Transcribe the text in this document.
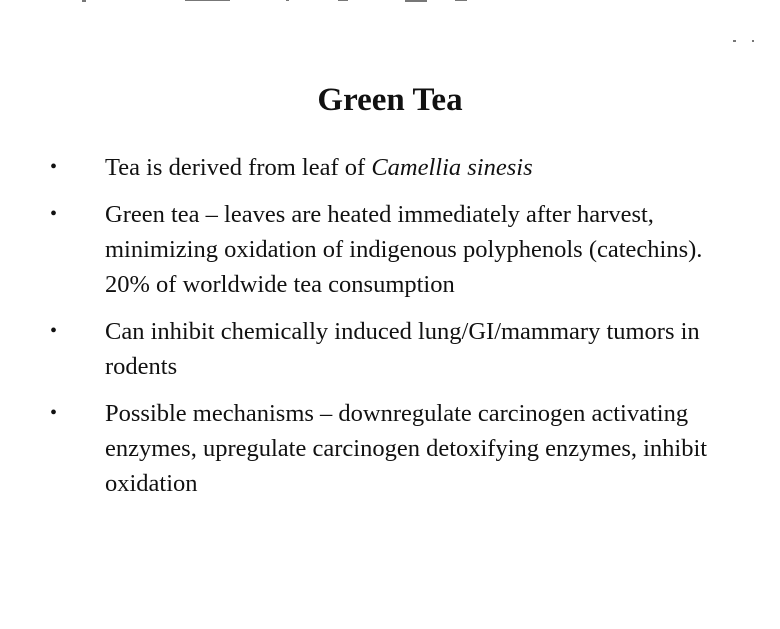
Green Tea
• Tea is derived from leaf of Camellia sinesis
• Green tea – leaves are heated immediately after harvest, minimizing oxidation of indigenous polyphenols (catechins). 20% of worldwide tea consumption
• Can inhibit chemically induced lung/GI/mammary tumors in rodents
• Possible mechanisms – downregulate carcinogen activating enzymes, upregulate carcinogen detoxifying enzymes, inhibit oxidation
